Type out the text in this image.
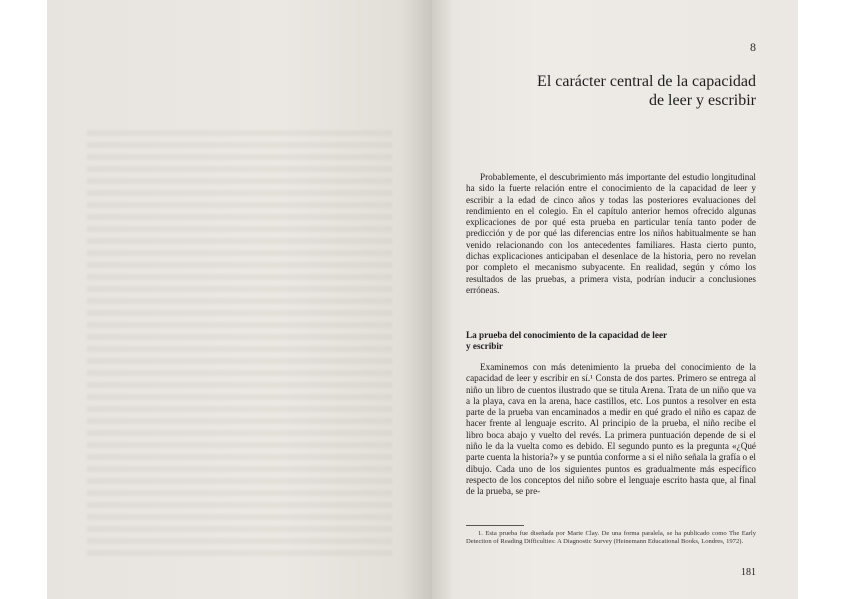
8
El carácter central de la capacidad
de leer y escribir

Probablemente, el descubrimiento más importante del estudio longitudinal ha sido la fuerte relación entre el conocimiento de la capacidad de leer y escribir a la edad de cinco años y todas las posteriores evaluaciones del rendimiento en el colegio. En el capítulo anterior hemos ofrecido algunas explicaciones de por qué esta prueba en particular tenía tanto poder de predicción y de por qué las diferencias entre los niños habitualmente se han venido relacionando con los antecedentes familiares. Hasta cierto punto, dichas explicaciones anticipaban el desenlace de la historia, pero no revelan por completo el mecanismo subyacente. En realidad, según y cómo los resultados de las pruebas, a primera vista, podrían inducir a conclusiones erróneas.

La prueba del conocimiento de la capacidad de leer
y escribir

Examinemos con más detenimiento la prueba del conocimiento de la capacidad de leer y escribir en sí.¹ Consta de dos partes. Primero se entrega al niño un libro de cuentos ilustrado que se titula Arena. Trata de un niño que va a la playa, cava en la arena, hace castillos, etc. Los puntos a resolver en esta parte de la prueba van encaminados a medir en qué grado el niño es capaz de hacer frente al lenguaje escrito. Al principio de la prueba, el niño recibe el libro boca abajo y vuelto del revés. La primera puntuación depende de si el niño le da la vuelta como es debido. El segundo punto es la pregunta «¿Qué parte cuenta la historia?» y se puntúa conforme a si el niño señala la grafía o el dibujo. Cada uno de los siguientes puntos es gradualmente más específico respecto de los conceptos del niño sobre el lenguaje escrito hasta que, al final de la prueba, se pre-

1. Esta prueba fue diseñada por Marie Clay. De una forma paralela, se ha publicado como The Early Detection of Reading Difficulties: A Diagnostic Survey (Heinemann Educational Books, Londres, 1972).
181
